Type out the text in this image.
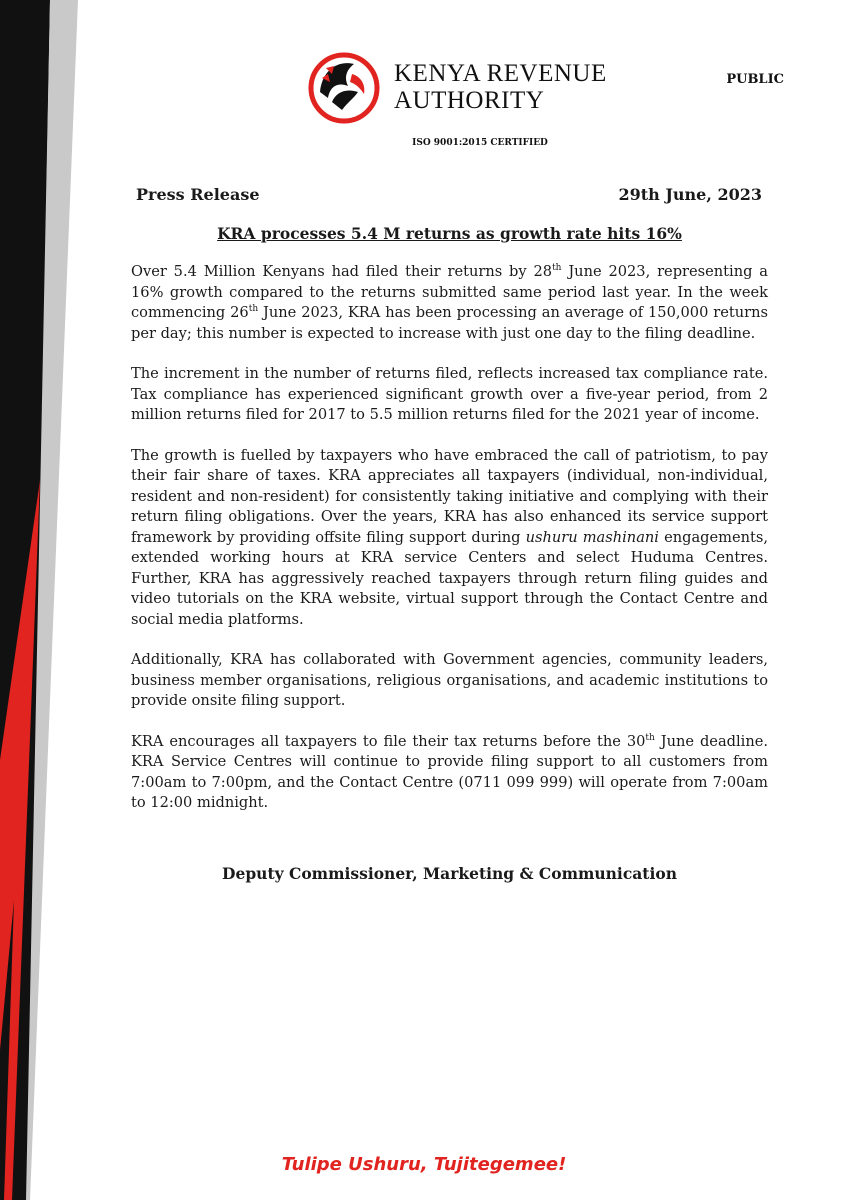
KENYA REVENUE
AUTHORITY
ISO 9001:2015 CERTIFIED
PUBLIC
Press Release	29th June, 2023
KRA processes 5.4 M returns as growth rate hits 16%

Over 5.4 Million Kenyans had filed their returns by 28th June 2023, representing a 16% growth compared to the returns submitted same period last year. In the week commencing 26th June 2023, KRA has been processing an average of 150,000 returns per day; this number is expected to increase with just one day to the filing deadline.

The increment in the number of returns filed, reflects increased tax compliance rate. Tax compliance has experienced significant growth over a five-year period, from 2 million returns filed for 2017 to 5.5 million returns filed for the 2021 year of income.

The growth is fuelled by taxpayers who have embraced the call of patriotism, to pay their fair share of taxes. KRA appreciates all taxpayers (individual, non-individual, resident and non-resident) for consistently taking initiative and complying with their return filing obligations. Over the years, KRA has also enhanced its service support framework by providing offsite filing support during ushuru mashinani engagements, extended working hours at KRA service Centers and select Huduma Centres. Further, KRA has aggressively reached taxpayers through return filing guides and video tutorials on the KRA website, virtual support through the Contact Centre and social media platforms.

Additionally, KRA has collaborated with Government agencies, community leaders, business member organisations, religious organisations, and academic institutions to provide onsite filing support.

KRA encourages all taxpayers to file their tax returns before the 30th June deadline. KRA Service Centres will continue to provide filing support to all customers from 7:00am to 7:00pm, and the Contact Centre (0711 099 999) will operate from 7:00am to 12:00 midnight.

Deputy Commissioner, Marketing & Communication
Tulipe Ushuru, Tujitegemee!
